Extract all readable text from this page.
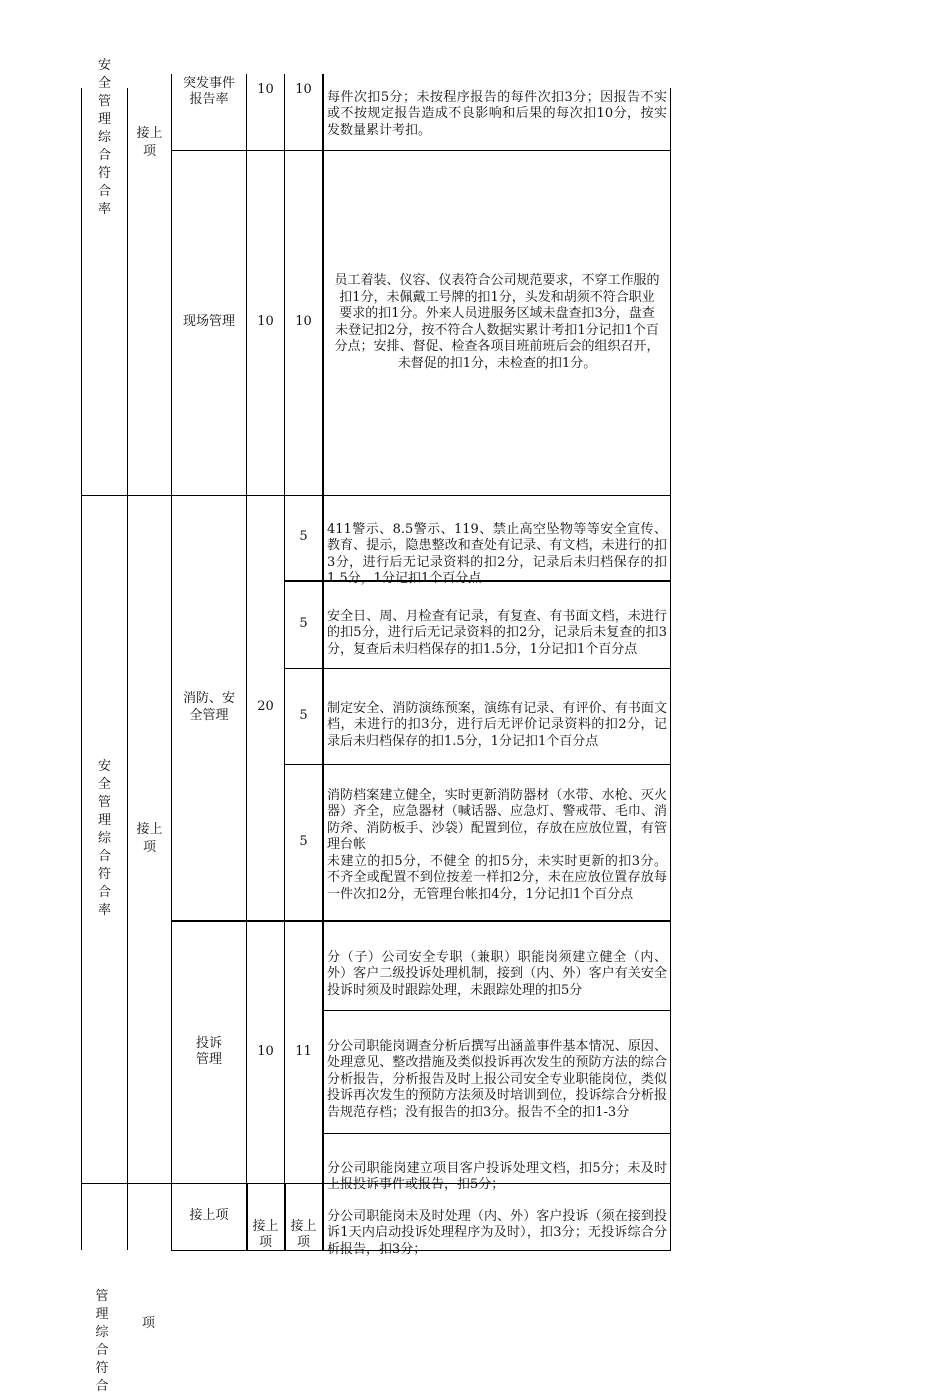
安全管理综合符合率
接上项
突发事件报告率
10 10

每件次扣5分；未按程序报告的每件次扣3分；因报告不实或不按规定报告造成不良影响和后果的每次扣10分，按实发数量累计考扣。

现场管理 10 10
员工着装、仪容、仪表符合公司规范要求，不穿工作服的扣1分，未佩戴工号牌的扣1分，头发和胡须不符合职业要求的扣1分。外来人员进服务区域未盘查扣3分，盘查未登记扣2分，按不符合人数据实累计考扣1分记扣1个百分点；安排、督促、检查各项目班前班后会的组织召开，未督促的扣1分，未检查的扣1分。
安全管理综合符合率
接上项
消防、安全管理
20
5

411警示、8.5警示、119、禁止高空坠物等等安全宣传、教育、提示，隐患整改和查处有记录、有文档，未进行的扣3分，进行后无记录资料的扣2分，记录后未归档保存的扣1.5分，1分记扣1个百分点

5

安全日、周、月检查有记录，有复查、有书面文档，未进行的扣5分，进行后无记录资料的扣2分，记录后未复查的扣3分，复查后未归档保存的扣1.5分，1分记扣1个百分点

5 制定安全、消防演练预案，演练有记录、有评价、有书面文档，未进行的扣3分，进行后无评价记录资料的扣2分，记录后未归档保存的扣1.5分，1分记扣1个百分点

5

消防档案建立健全，实时更新消防器材（水带、水枪、灭火器）齐全，应急器材（喊话器、应急灯、警戒带、毛巾、消防斧、消防板手、沙袋）配置到位，存放在应放位置，有管理台帐
未建立的扣5分，不健全 的扣5分，未实时更新的扣3分。不齐全或配置不到位按差一样扣2分，未在应放位置存放每一件次扣2分，无管理台帐扣4分，1分记扣1个百分点

投诉管理
10 11

分（子）公司安全专职（兼职）职能岗须建立健全（内、外）客户二级投诉处理机制，接到（内、外）客户有关安全投诉时须及时跟踪处理，未跟踪处理的扣5分

分公司职能岗调查分析后撰写出涵盖事件基本情况、原因、处理意见、整改措施及类似投诉再次发生的预防方法的综合分析报告，分析报告及时上报公司安全专业职能岗位，类似投诉再次发生的预防方法须及时培训到位，投诉综合分析报告规范存档；没有报告的扣3分。报告不全的扣1-3分

分公司职能岗建立项目客户投诉处理文档，扣5分；未及时上报投诉事件或报告，扣5分；

接上项
接上项
接上项

分公司职能岗未及时处理（内、外）客户投诉（须在接到投诉1天内启动投诉处理程序为及时），扣3分；无投诉综合分析报告，扣3分；

管理综合符合
项
